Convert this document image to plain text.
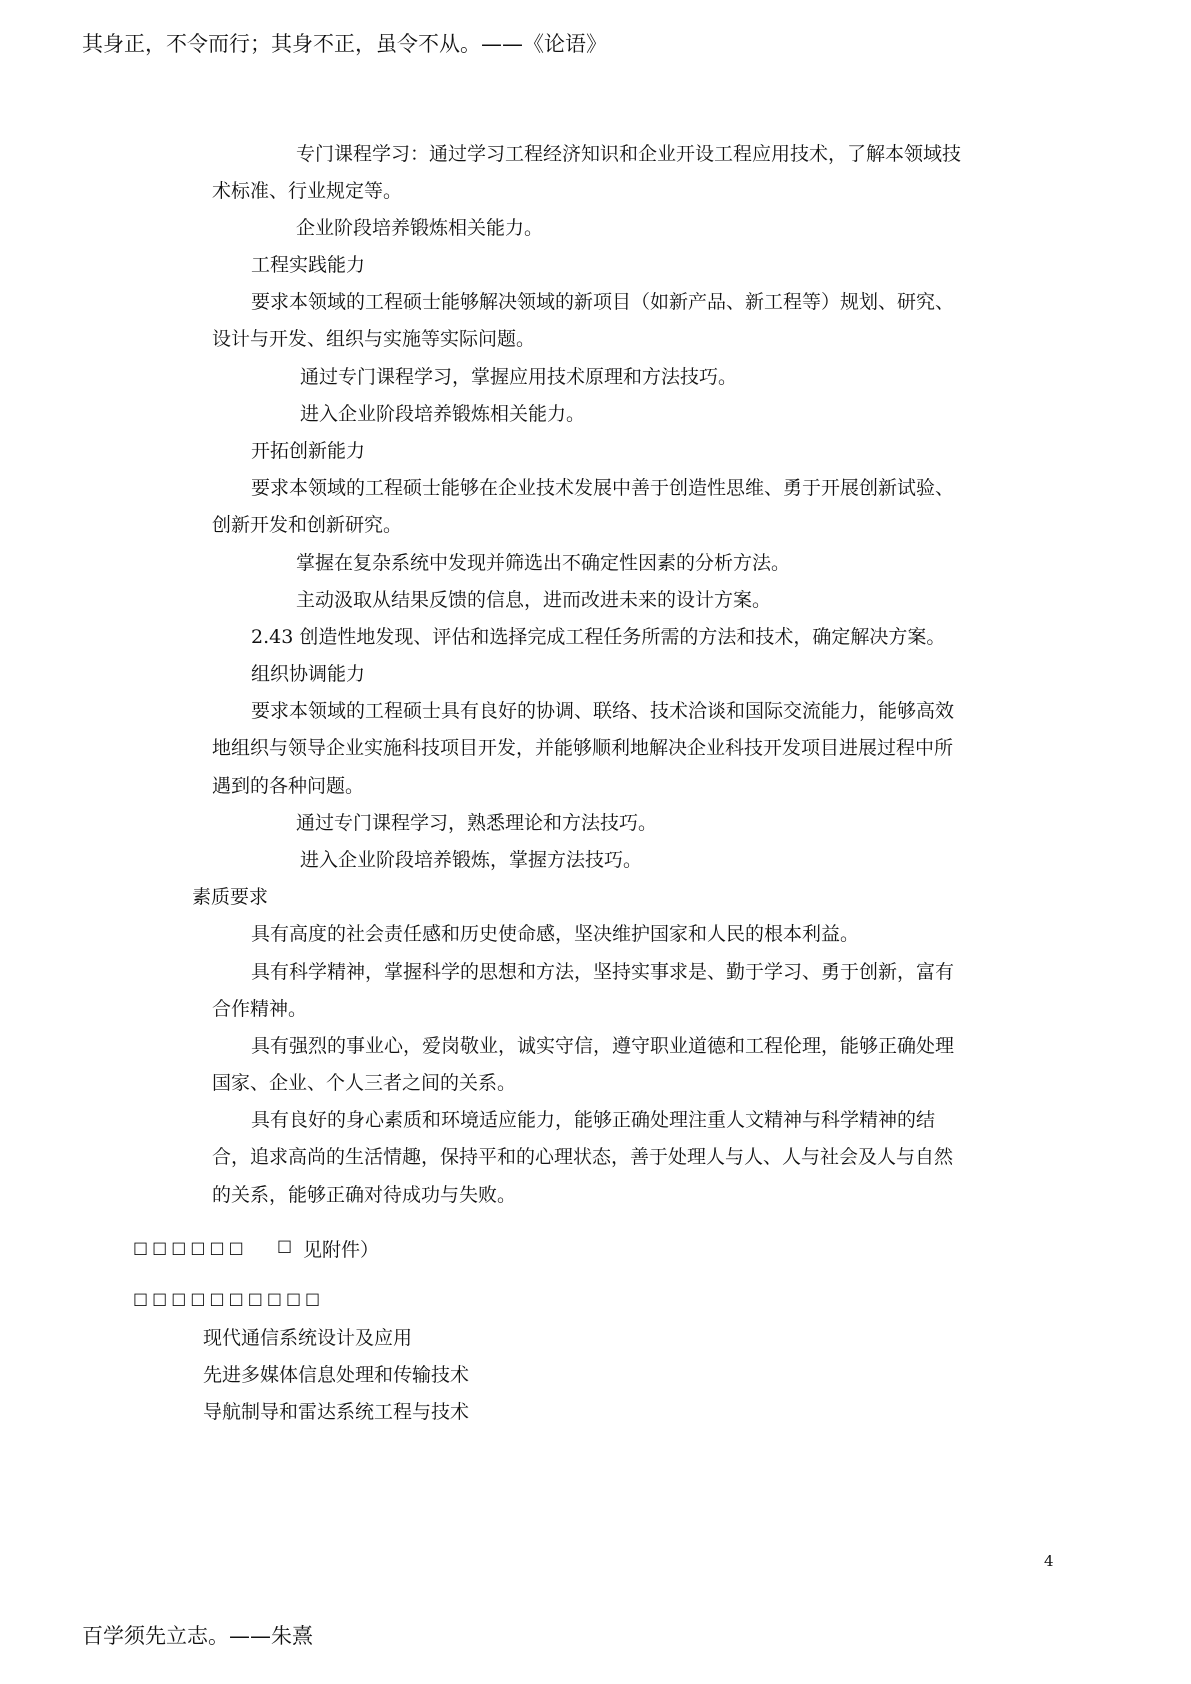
其身正，不令而行；其身不正，虽令不从。——《论语》
专门课程学习：通过学习工程经济知识和企业开设工程应用技术，了解本领域技
术标准、行业规定等。
企业阶段培养锻炼相关能力。
工程实践能力
要求本领域的工程硕士能够解决领域的新项目（如新产品、新工程等）规划、研究、
设计与开发、组织与实施等实际问题。
通过专门课程学习，掌握应用技术原理和方法技巧。
进入企业阶段培养锻炼相关能力。
开拓创新能力
要求本领域的工程硕士能够在企业技术发展中善于创造性思维、勇于开展创新试验、
创新开发和创新研究。
掌握在复杂系统中发现并筛选出不确定性因素的分析方法。
主动汲取从结果反馈的信息，进而改进未来的设计方案。
2.43 创造性地发现、评估和选择完成工程任务所需的方法和技术，确定解决方案。
组织协调能力
要求本领域的工程硕士具有良好的协调、联络、技术洽谈和国际交流能力，能够高效
地组织与领导企业实施科技项目开发，并能够顺利地解决企业科技开发项目进展过程中所
遇到的各种问题。
通过专门课程学习，熟悉理论和方法技巧。
进入企业阶段培养锻炼，掌握方法技巧。
素质要求
具有高度的社会责任感和历史使命感，坚决维护国家和人民的根本利益。
具有科学精神，掌握科学的思想和方法，坚持实事求是、勤于学习、勇于创新，富有
合作精神。
具有强烈的事业心，爱岗敬业，诚实守信，遵守职业道德和工程伦理，能够正确处理
国家、企业、个人三者之间的关系。
具有良好的身心素质和环境适应能力，能够正确处理注重人文精神与科学精神的结
合，追求高尚的生活情趣，保持平和的心理状态，善于处理人与人、人与社会及人与自然
的关系，能够正确对待成功与失败。
□□□□□□ □ 见附件）
□□□□□□□□□□
现代通信系统设计及应用
先进多媒体信息处理和传输技术
导航制导和雷达系统工程与技术
4
百学须先立志。——朱熹
